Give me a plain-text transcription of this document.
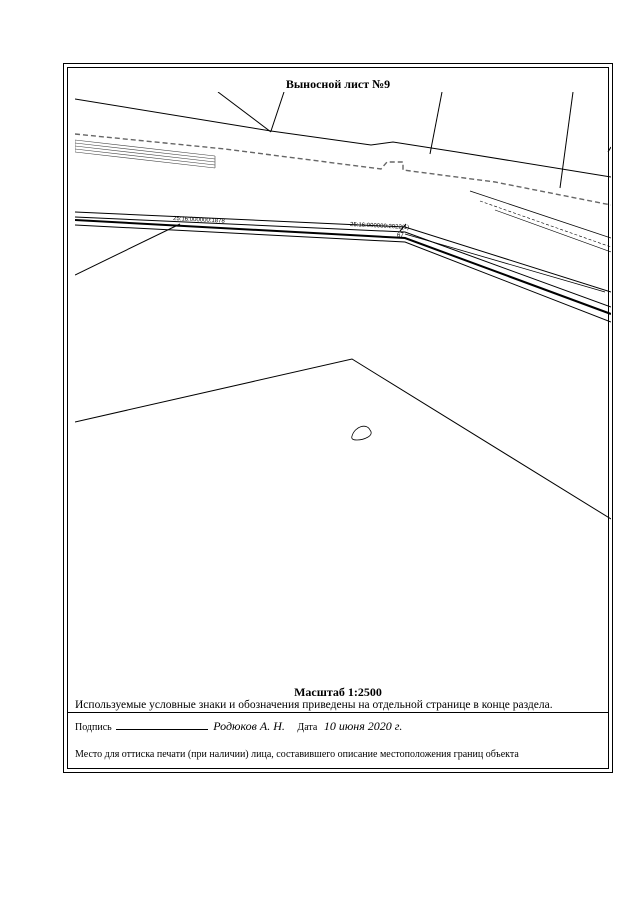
Выносной лист №9
25:16:000000:1878
25:16:000000:2022(1)
67
Масштаб 1:2500
Используемые условные знаки и обозначения приведены на отдельной странице в конце раздела.
Подпись	Родюков А. Н. Дата 10 июня 2020 г.
Место для оттиска печати (при наличии) лица, составившего описание местоположения границ объекта
